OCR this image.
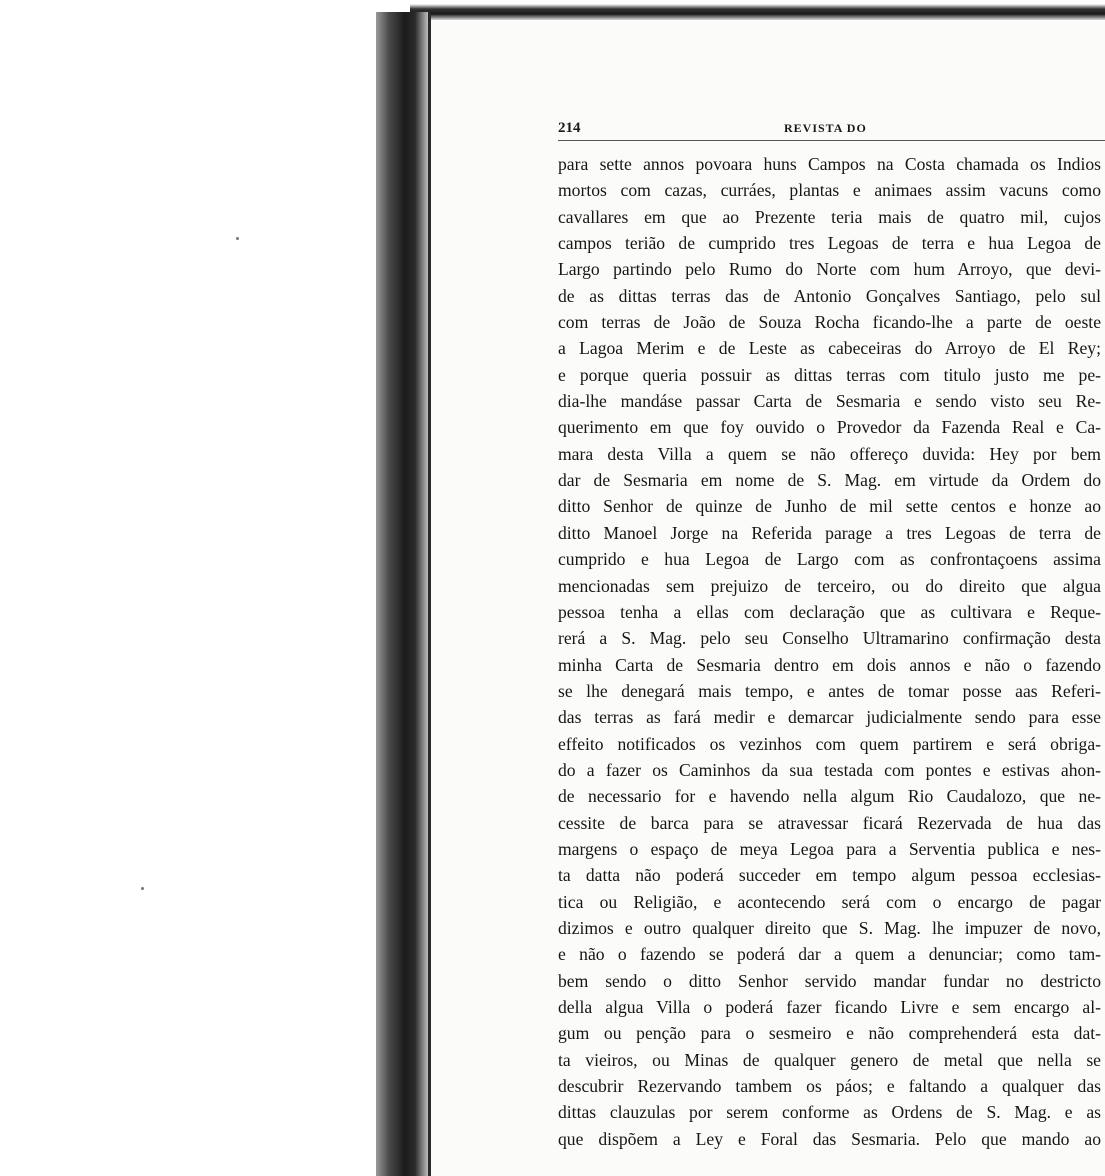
214	REVISTA DO
para sette annos povoara huns Campos na Costa chamada os Indios
mortos com cazas, curráes, plantas e animaes assim vacuns como
cavallares em que ao Prezente teria mais de quatro mil, cujos
campos terião de cumprido tres Legoas de terra e hua Legoa de
Largo partindo pelo Rumo do Norte com hum Arroyo, que devi-
de as dittas terras das de Antonio Gonçalves Santiago, pelo sul
com terras de João de Souza Rocha ficando-lhe a parte de oeste
a Lagoa Merim e de Leste as cabeceiras do Arroyo de El Rey;
e porque queria possuir as dittas terras com titulo justo me pe-
dia-lhe mandáse passar Carta de Sesmaria e sendo visto seu Re-
querimento em que foy ouvido o Provedor da Fazenda Real e Ca-
mara desta Villa a quem se não offereço duvida: Hey por bem
dar de Sesmaria em nome de S. Mag. em virtude da Ordem do
ditto Senhor de quinze de Junho de mil sette centos e honze ao
ditto Manoel Jorge na Referida parage a tres Legoas de terra de
cumprido e hua Legoa de Largo com as confrontaçoens assima
mencionadas sem prejuizo de terceiro, ou do direito que algua
pessoa tenha a ellas com declaração que as cultivara e Reque-
rerá a S. Mag. pelo seu Conselho Ultramarino confirmação desta
minha Carta de Sesmaria dentro em dois annos e não o fazendo
se lhe denegará mais tempo, e antes de tomar posse aas Referi-
das terras as fará medir e demarcar judicialmente sendo para esse
effeito notificados os vezinhos com quem partirem e será obriga-
do a fazer os Caminhos da sua testada com pontes e estivas ahon-
de necessario for e havendo nella algum Rio Caudalozo, que ne-
cessite de barca para se atravessar ficará Rezervada de hua das
margens o espaço de meya Legoa para a Serventia publica e nes-
ta datta não poderá succeder em tempo algum pessoa ecclesias-
tica ou Religião, e acontecendo será com o encargo de pagar
dizimos e outro qualquer direito que S. Mag. lhe impuzer de novo,
e não o fazendo se poderá dar a quem a denunciar; como tam-
bem sendo o ditto Senhor servido mandar fundar no destricto
della algua Villa o poderá fazer ficando Livre e sem encargo al-
gum ou penção para o sesmeiro e não comprehenderá esta dat-
ta vieiros, ou Minas de qualquer genero de metal que nella se
descubrir Rezervando tambem os páos; e faltando a qualquer das
dittas clauzulas por serem conforme as Ordens de S. Mag. e as
que dispõem a Ley e Foral das Sesmaria. Pelo que mando ao
